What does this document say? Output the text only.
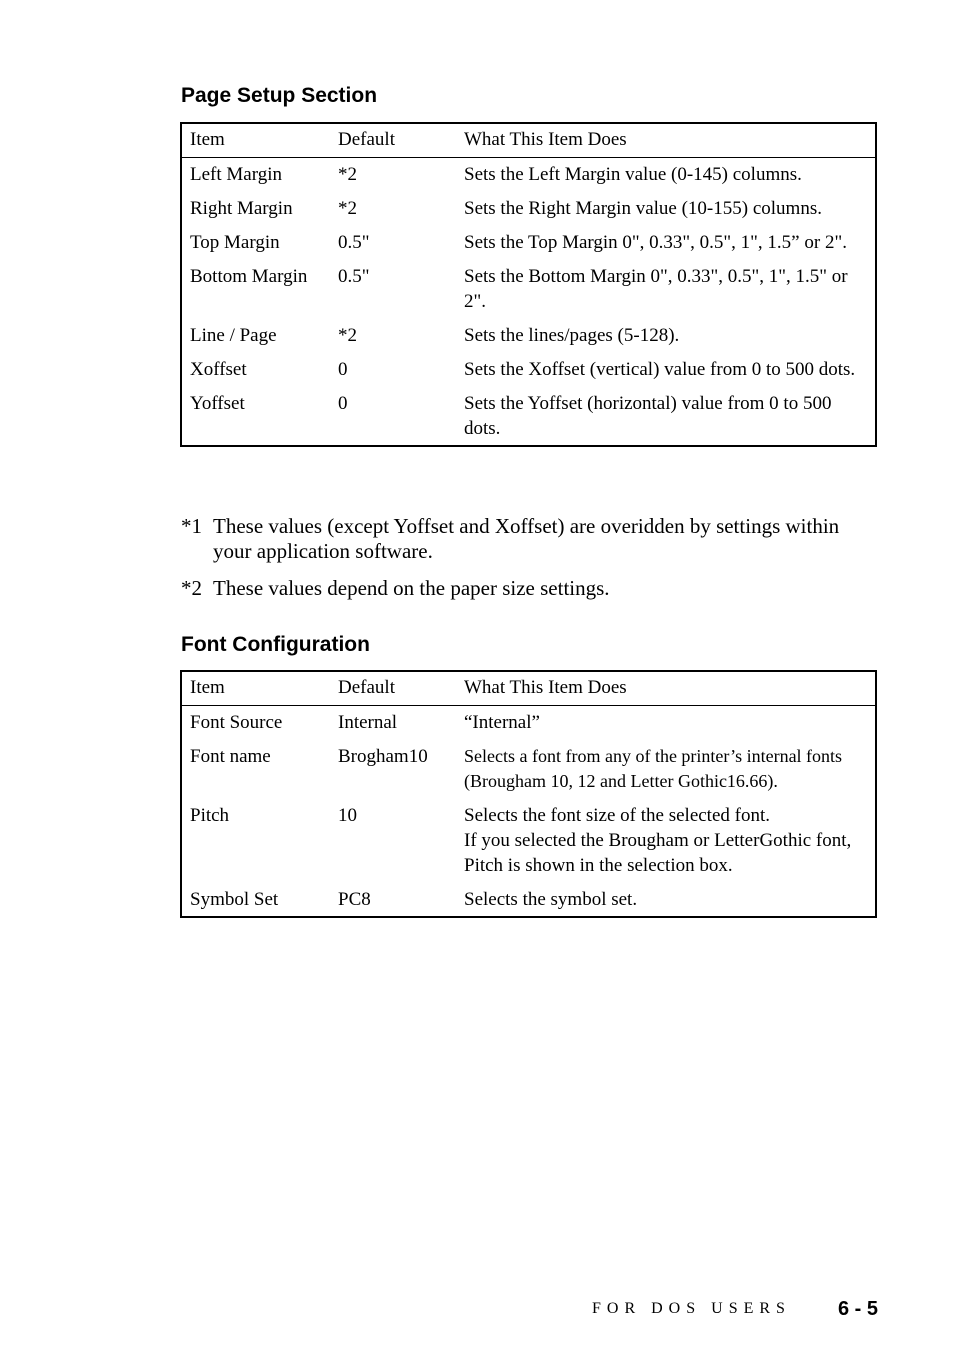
Page Setup Section
Item	Default	What This Item Does
Left Margin	*2	Sets the Left Margin value (0-145) columns.
Right Margin	*2	Sets the Right Margin value (10-155) columns.
Top Margin	0.5"	Sets the Top Margin 0", 0.33", 0.5", 1", 1.5” or 2".
Bottom Margin	0.5"	Sets the Bottom Margin 0", 0.33", 0.5", 1", 1.5" or 2".
Line / Page	*2	Sets the lines/pages (5-128).
Xoffset	0	Sets the Xoffset (vertical) value from 0 to 500 dots.
Yoffset	0	Sets the Yoffset (horizontal) value from 0 to 500 dots.
*1 These values (except Yoffset and Xoffset) are overidden by settings within your application software.
*2 These values depend on the paper size settings.
Font Configuration
Item	Default	What This Item Does
Font Source	Internal	“Internal”
Font name	Brogham10	Selects a font from any of the printer’s internal fonts (Brougham 10, 12 and Letter Gothic16.66).
Pitch	10	Selects the font size of the selected font.
If you selected the Brougham or LetterGothic font, Pitch is shown in the selection box.
Symbol Set	PC8	Selects the symbol set.
FOR DOS USERS 6 - 5
